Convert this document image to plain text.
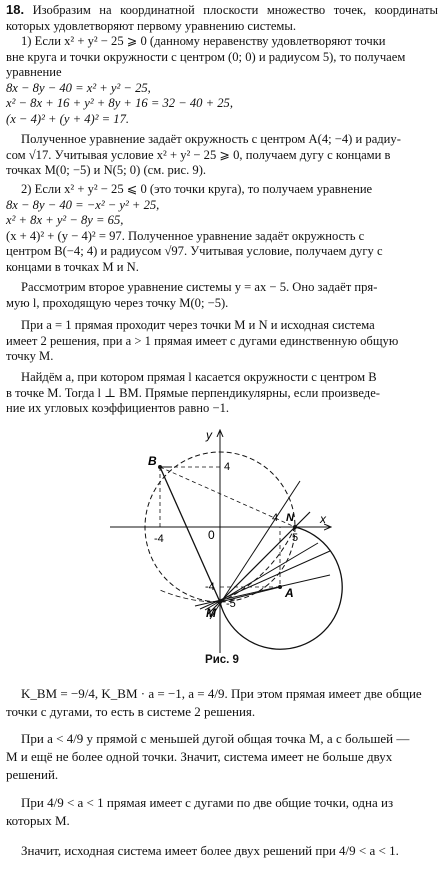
18. Изобразим на координатной плоскости множество точек, координаты которых удовлетворяют первому уравнению системы.
1) Если x² + y² − 25 ⩾ 0 (данному неравенству удовлетворяют точки
вне круга и точки окружности с центром (0; 0) и радиусом 5), то получаем
уравнение
8x − 8y − 40 = x² + y² − 25,
x² − 8x + 16 + y² + 8y + 16 = 32 − 40 + 25,
(x − 4)² + (y + 4)² = 17.
Полученное уравнение задаёт окружность с центром A(4; −4) и радиу-
сом √17. Учитывая условие x² + y² − 25 ⩾ 0, получаем дугу с концами в
точках M(0; −5) и N(5; 0) (см. рис. 9).
2) Если x² + y² − 25 ⩽ 0 (это точки круга), то получаем уравнение
8x − 8y − 40 = −x² − y² + 25,
x² + 8x + y² − 8y = 65,
(x + 4)² + (y − 4)² = 97. Полученное уравнение задаёт окружность с
центром B(−4; 4) и радиусом √97. Учитывая условие, получаем дугу с
концами в точках M и N.
Рассмотрим второе уравнение системы y = ax − 5. Оно задаёт пря-
мую l, проходящую через точку M(0; −5).
При a = 1 прямая проходит через точки M и N и исходная система
имеет 2 решения, при a > 1 прямая имеет с дугами единственную общую
точку M.
Найдём a, при котором прямая l касается окружности с центром B
в точке M. Тогда l ⊥ BM. Прямые перпендикулярны, если произведе-
ние их угловых коэффициентов равно −1.
y
x
0
B
N
A
M
4
4
-4
-4
5
-5
Рис. 9
K_BM = −9/4, K_BM · a = −1, a = 4/9. При этом прямая имеет две общие
точки с дугами, то есть в системе 2 решения.
При a < 4/9 у прямой с меньшей дугой общая точка M, а с большей —
M и ещё не более одной точки. Значит, система имеет не больше двух
решений.
При 4/9 < a < 1 прямая имеет с дугами по две общие точки, одна из
которых M.
Значит, исходная система имеет более двух решений при 4/9 < a < 1.
